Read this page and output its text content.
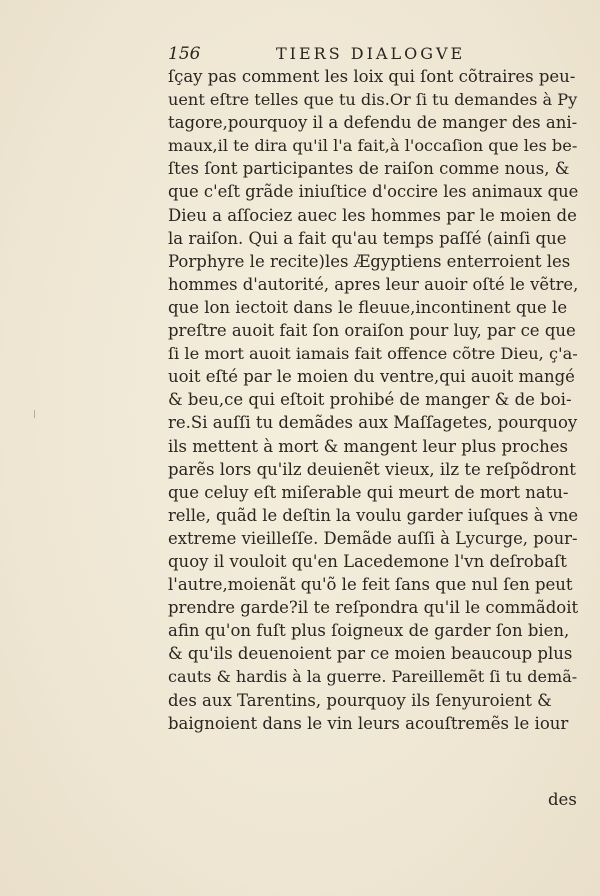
156	TIERS DIALOGVE
ſçay pas comment les loix qui ſont cõtraires peu-
uent eſtre telles que tu dis.Or ſi tu demandes à Py
tagore,pourquoy il a defendu de manger des ani-
maux,il te dira qu'il l'a fait,à l'occaſion que les be-
ſtes ſont participantes de raiſon comme nous, &
que c'eſt grãde iniuſtice d'occire les animaux que
Dieu a aſſociez auec les hommes par le moien de
la raiſon. Qui a fait qu'au temps paſſé (ainſi que
Porphyre le recite)les Ægyptiens enterroient les
hommes d'autorité, apres leur auoir oſté le vẽtre,
que lon iectoit dans le fleuue,incontinent que le
preſtre auoit fait ſon oraiſon pour luy, par ce que
ſi le mort auoit iamais fait offence cõtre Dieu, ç'a-
uoit eſté par le moien du ventre,qui auoit mangé
& beu,ce qui eſtoit prohibé de manger & de boi-
re.Si auſſi tu demãdes aux Maſſagetes, pourquoy
ils mettent à mort & mangent leur plus proches
parẽs lors qu'ilz deuienẽt vieux, ilz te reſpõdront
que celuy eſt miſerable qui meurt de mort natu-
relle, quãd le deſtin la voulu garder iuſques à vne
extreme vieilleſſe. Demãde auſſi à Lycurge, pour-
quoy il vouloit qu'en Lacedemone l'vn deſrobaſt
l'autre,moienãt qu'õ le feit ſans que nul ſen peut
prendre garde?il te reſpondra qu'il le commãdoit
afin qu'on fuſt plus ſoigneux de garder ſon bien,
& qu'ils deuenoient par ce moien beaucoup plus
cauts & hardis à la guerre. Pareillemẽt ſi tu demã-
des aux Tarentins, pourquoy ils ſenyuroient &
baignoient dans le vin leurs acouſtremẽs le iour
des
